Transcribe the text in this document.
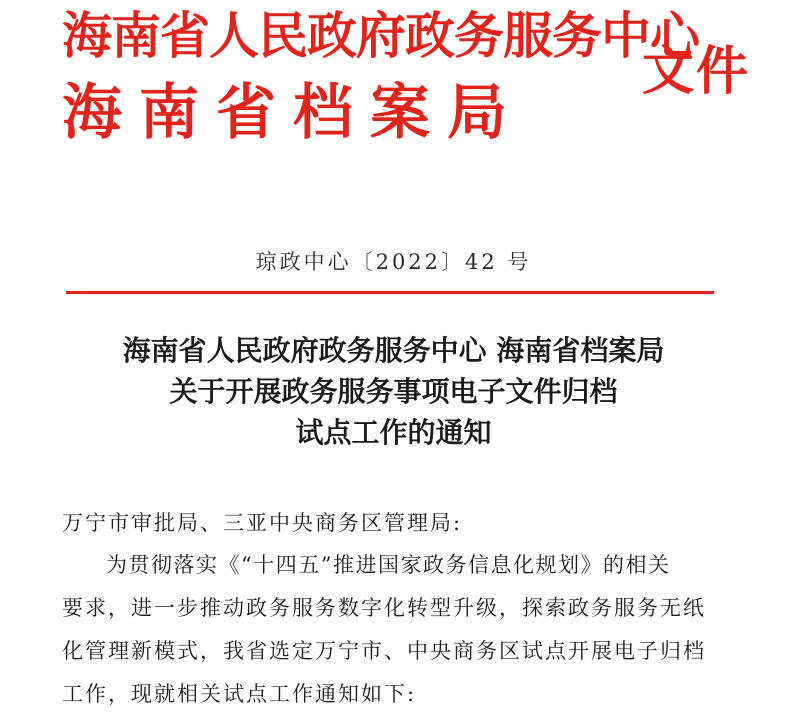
海南省人民政府政务服务中心
海南省档案局
文件
琼政中心〔2022〕42 号
海南省人民政府政务服务中心 海南省档案局
关于开展政务服务事项电子文件归档
试点工作的通知
万宁市审批局、三亚中央商务区管理局:
为贯彻落实《“十四五”推进国家政务信息化规划》的相关
要求，进一步推动政务服务数字化转型升级，探索政务服务无纸
化管理新模式，我省选定万宁市、中央商务区试点开展电子归档
工作，现就相关试点工作通知如下:
